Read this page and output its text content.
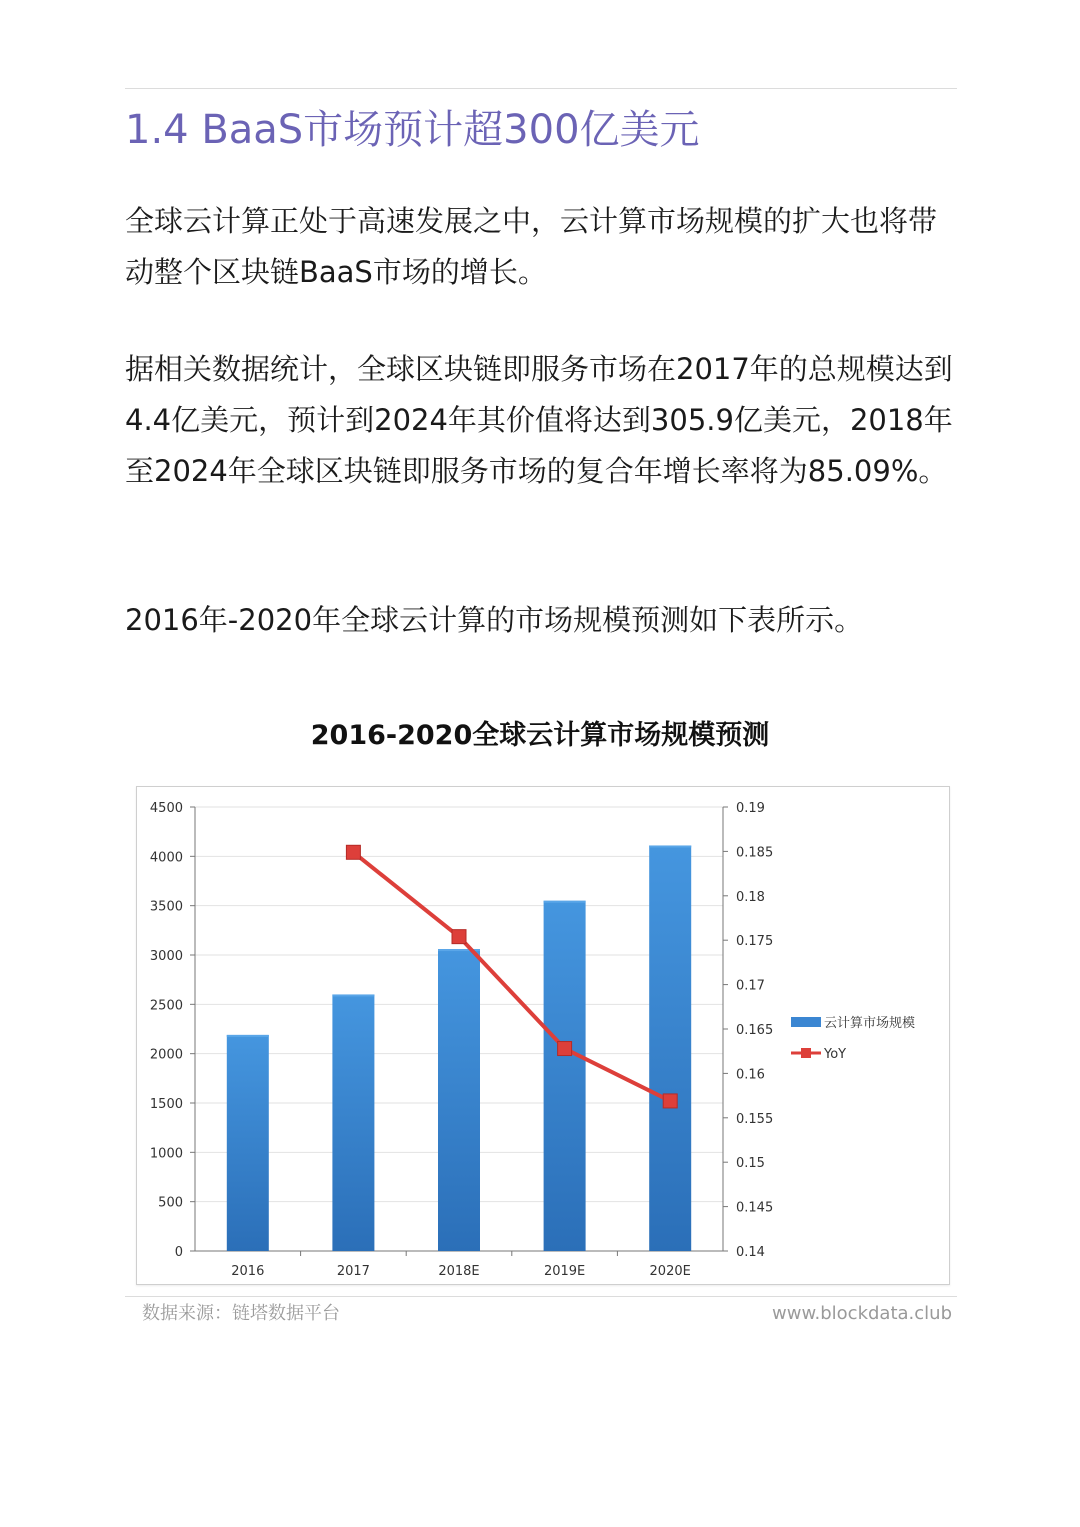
1.4 BaaS市场预计超300亿美元

全球云计算正处于高速发展之中，云计算市场规模的扩大也将带动整个区块链BaaS市场的增长。

据相关数据统计，全球区块链即服务市场在2017年的总规模达到4.4亿美元，预计到2024年其价值将达到305.9亿美元，2018年至2024年全球区块链即服务市场的复合年增长率将为85.09%。

2016年-2020年全球云计算的市场规模预测如下表所示。

2016-2020全球云计算市场规模预测
0
500
1000
1500
2000
2500
3000
3500
4000
4500
0.14
0.145
0.15
0.155
0.16
0.165
0.17
0.175
0.18
0.185
0.19
2016	2017	2018E	2019E	2020E
云计算市场规模
YoY
数据来源：链塔数据平台	www.blockdata.club
